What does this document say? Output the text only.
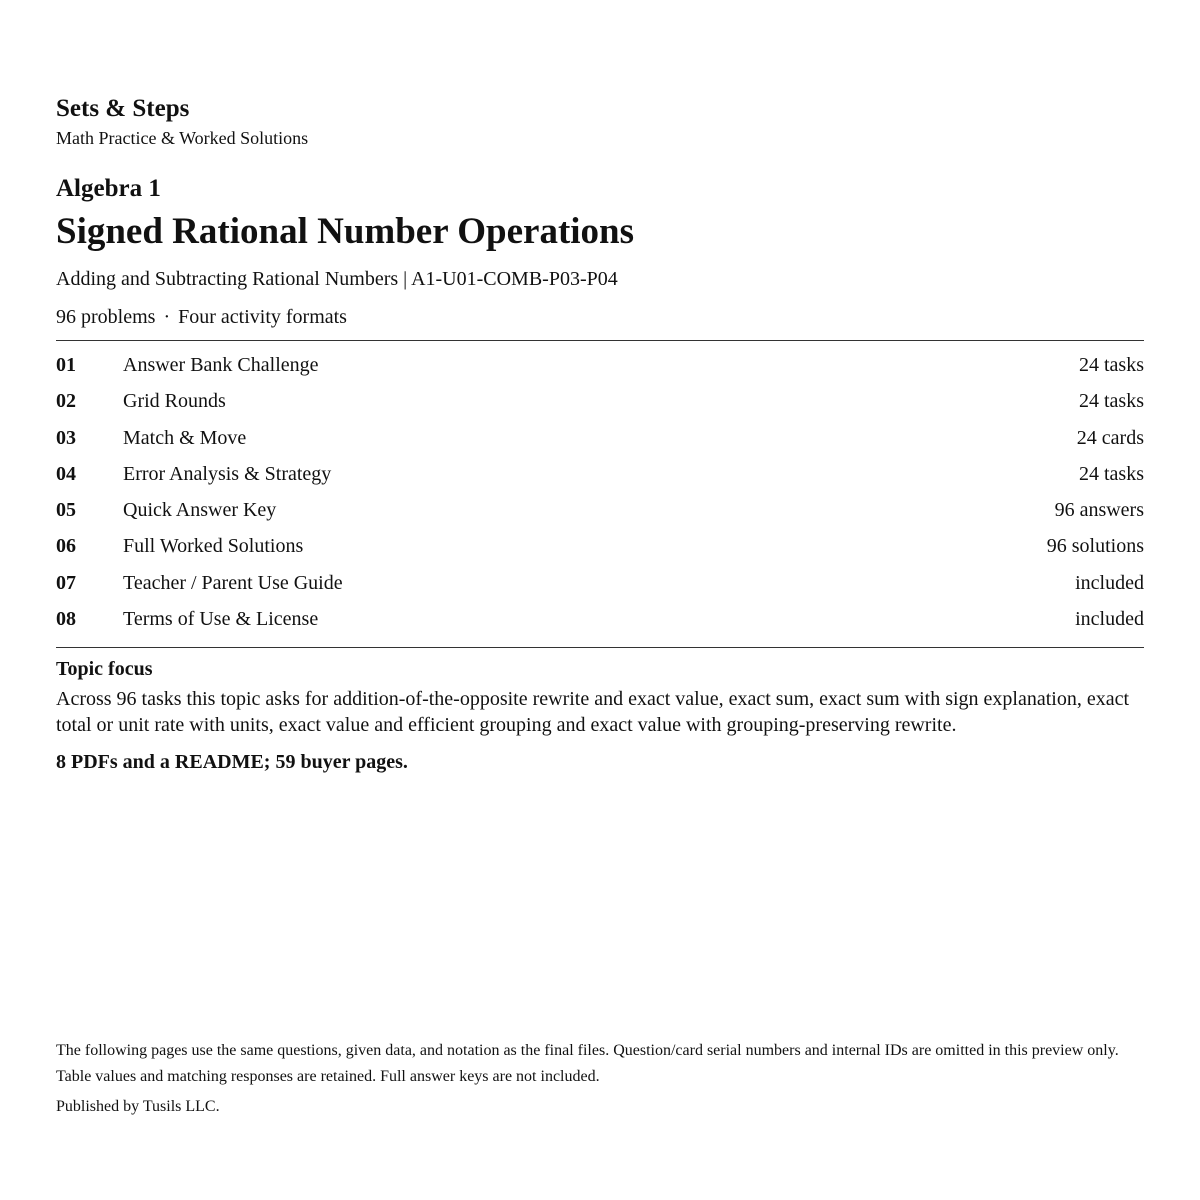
Sets & Steps

Math Practice & Worked Solutions

Algebra 1

Signed Rational Number Operations

Adding and Subtracting Rational Numbers | A1-U01-COMB-P03-P04

96 problems · Four activity formats

01	Answer Bank Challenge	24 tasks
02	Grid Rounds	24 tasks
03	Match & Move	24 cards
04	Error Analysis & Strategy	24 tasks
05	Quick Answer Key	96 answers
06	Full Worked Solutions	96 solutions
07	Teacher / Parent Use Guide	included
08	Terms of Use & License	included

Topic focus

Across 96 tasks this topic asks for addition-of-the-opposite rewrite and exact value, exact sum, exact sum with sign explanation, exact total or unit rate with units, exact value and efficient grouping and exact value with grouping-preserving rewrite.

8 PDFs and a README; 59 buyer pages.

The following pages use the same questions, given data, and notation as the final files. Question/card serial numbers and internal IDs are omitted in this preview only. Table values and matching responses are retained. Full answer keys are not included.

Published by Tusils LLC.
